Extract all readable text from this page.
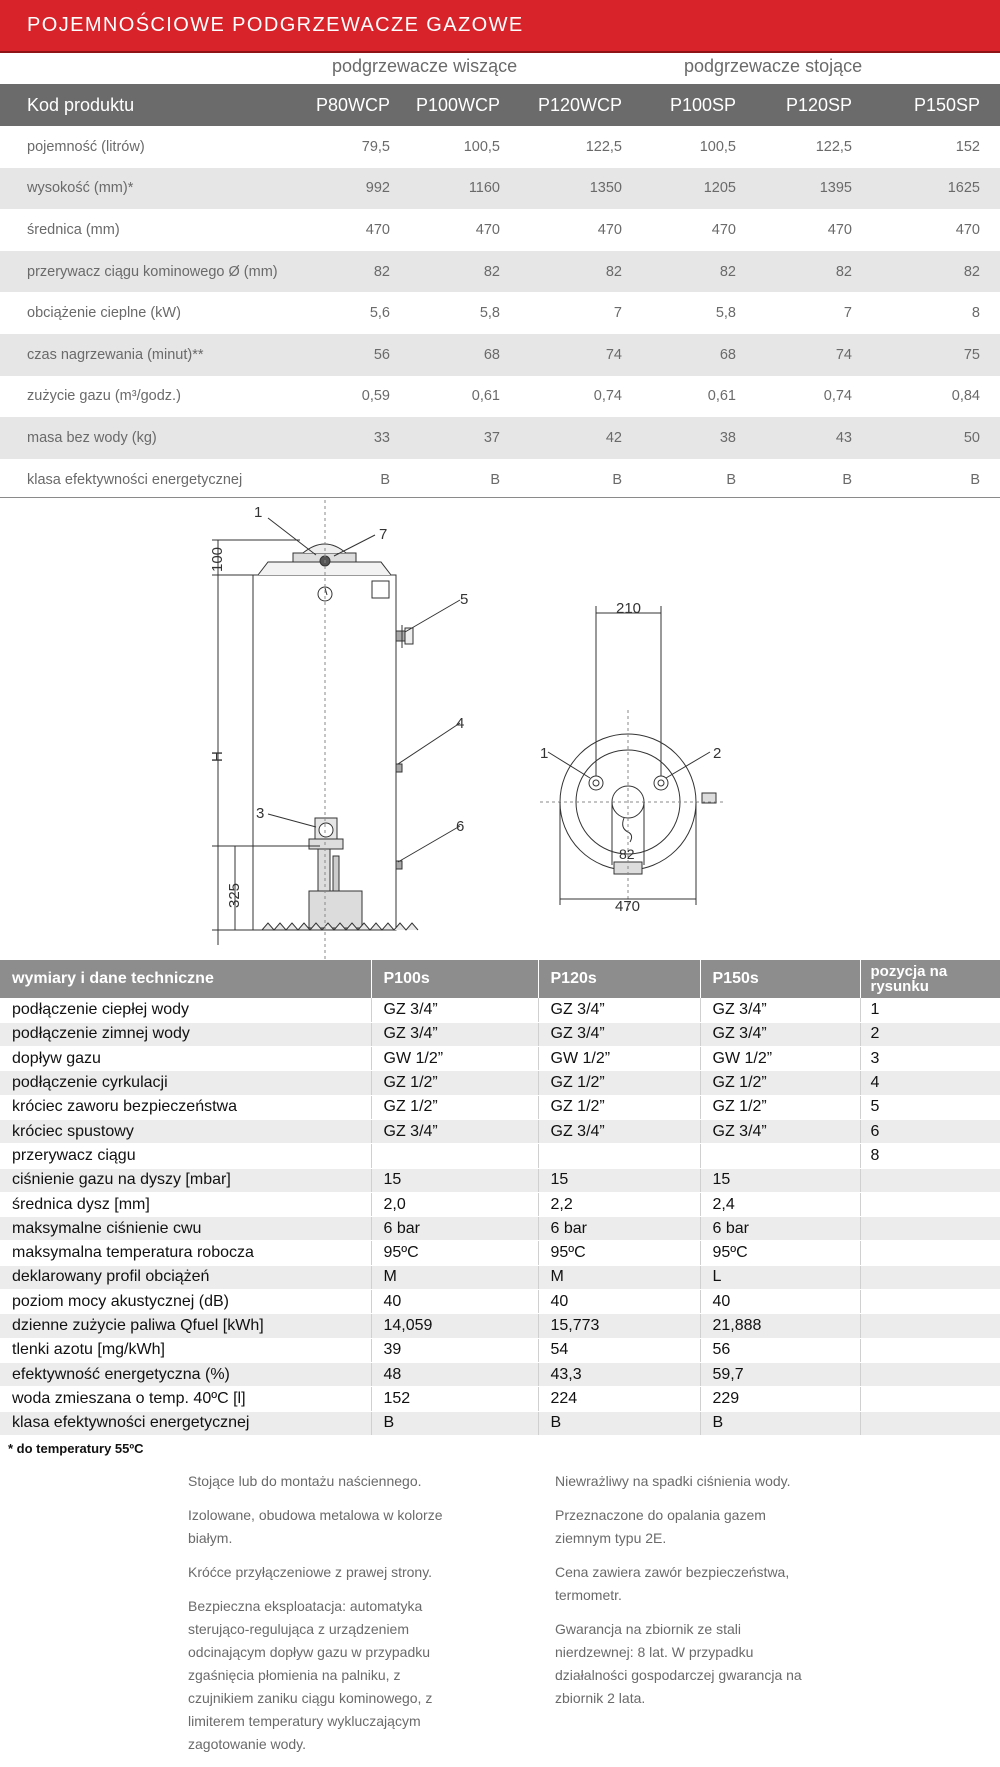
POJEMNOŚCIOWE PODGRZEWACZE GAZOWE
podgrzewacze wiszące	podgrzewacze stojące
Kod produktu	P80WCP	P100WCP	P120WCP	P100SP	P120SP	P150SP
pojemność (litrów)	79,5	100,5	122,5	100,5	122,5	152
wysokość (mm)*	992	1160	1350	1205	1395	1625
średnica (mm)	470	470	470	470	470	470
przerywacz ciągu kominowego Ø (mm)	82	82	82	82	82	82
obciążenie cieplne (kW)	5,6	5,8	7	5,8	7	8
czas nagrzewania (minut)**	56	68	74	68	74	75
zużycie gazu (m³/godz.)	0,59	0,61	0,74	0,61	0,74	0,84
masa bez wody (kg)	33	37	42	38	43	50
klasa efektywności energetycznej	B	B	B	B	B	B
1
7
5
4
6
3
1	2
210
82
470
100
H
325
wymiary i dane techniczne	P100s	P120s	P150s	pozycja na rysunku
podłączenie ciepłej wody	GZ 3/4”	GZ 3/4”	GZ 3/4”	1
podłączenie zimnej wody	GZ 3/4”	GZ 3/4”	GZ 3/4”	2
dopływ gazu	GW 1/2”	GW 1/2”	GW 1/2”	3
podłączenie cyrkulacji	GZ 1/2”	GZ 1/2”	GZ 1/2”	4
króciec zaworu bezpieczeństwa	GZ 1/2”	GZ 1/2”	GZ 1/2”	5
króciec spustowy	GZ 3/4”	GZ 3/4”	GZ 3/4”	6
przerywacz ciągu				8
ciśnienie gazu na dyszy [mbar]	15	15	15	
średnica dysz [mm]	2,0	2,2	2,4	
maksymalne ciśnienie cwu	6 bar	6 bar	6 bar	
maksymalna temperatura robocza	95ºC	95ºC	95ºC	
deklarowany profil obciążeń	M	M	L	
poziom mocy akustycznej (dB)	40	40	40	
dzienne zużycie paliwa Qfuel [kWh]	14,059	15,773	21,888	
tlenki azotu [mg/kWh]	39	54	56	
efektywność energetyczna (%)	48	43,3	59,7	
woda zmieszana o temp. 40ºC [l]	152	224	229	
klasa efektywności energetycznej	B	B	B	
* do temperatury 55ºC

Stojące lub do montażu naściennego.

Izolowane, obudowa metalowa w kolorze białym.

Króćce przyłączeniowe z prawej strony.

Bezpieczna eksploatacja: automatyka sterująco-regulująca z urządzeniem odcinającym dopływ gazu w przypadku zgaśnięcia płomienia na palniku, z czujnikiem zaniku ciągu kominowego, z limiterem temperatury wykluczającym zagotowanie wody.

Niewrażliwy na spadki ciśnienia wody.

Przeznaczone do opalania gazem ziemnym typu 2E.

Cena zawiera zawór bezpieczeństwa, termometr.

Gwarancja na zbiornik ze stali nierdzewnej: 8 lat. W przypadku działalności gospodarczej gwarancja na zbiornik 2 lata.
